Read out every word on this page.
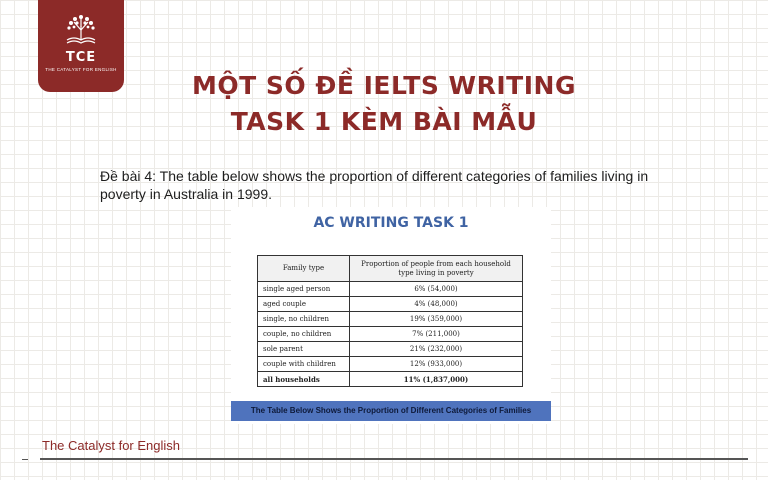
TCE
THE CATALYST FOR ENGLISH
MỘT SỐ ĐỀ IELTS WRITING
TASK 1 KÈM BÀI MẪU

Đề bài 4: The table below shows the proportion of different categories of families living in poverty in Australia in 1999.

AC WRITING TASK 1
Family type	Proportion of people from each household type living in poverty
single aged person	6% (54,000)
aged couple	4% (48,000)
single, no children	19% (359,000)
couple, no children	7% (211,000)
sole parent	21% (232,000)
couple with children	12% (933,000)
all households	11% (1,837,000)
The Table Below Shows the Proportion of Different Categories of Families
The Catalyst for English
